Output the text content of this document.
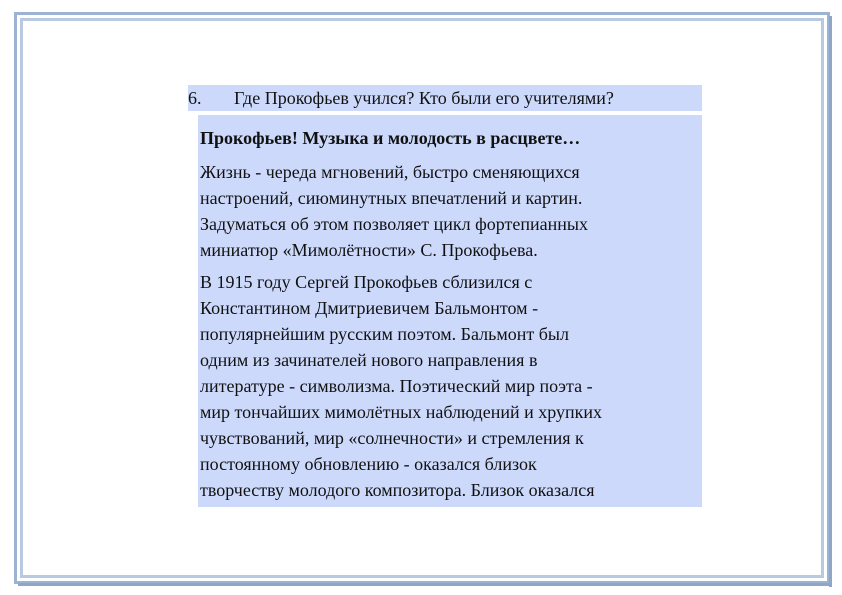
6. Где Прокофьев учился? Кто были его учителями?

Прокофьев! Музыка и молодость в расцвете…

Жизнь - череда мгновений, быстро сменяющихся
настроений, сиюминутных впечатлений и картин.
Задуматься об этом позволяет цикл фортепианных
миниатюр «Мимолётности» С. Прокофьева.

В 1915 году Сергей Прокофьев сблизился с
Константином Дмитриевичем Бальмонтом -
популярнейшим русским поэтом. Бальмонт был
одним из зачинателей нового направления в
литературе - символизма. Поэтический мир поэта -
мир тончайших мимолётных наблюдений и хрупких
чувствований, мир «солнечности» и стремления к
постоянному обновлению - оказался близок
творчеству молодого композитора. Близок оказался
